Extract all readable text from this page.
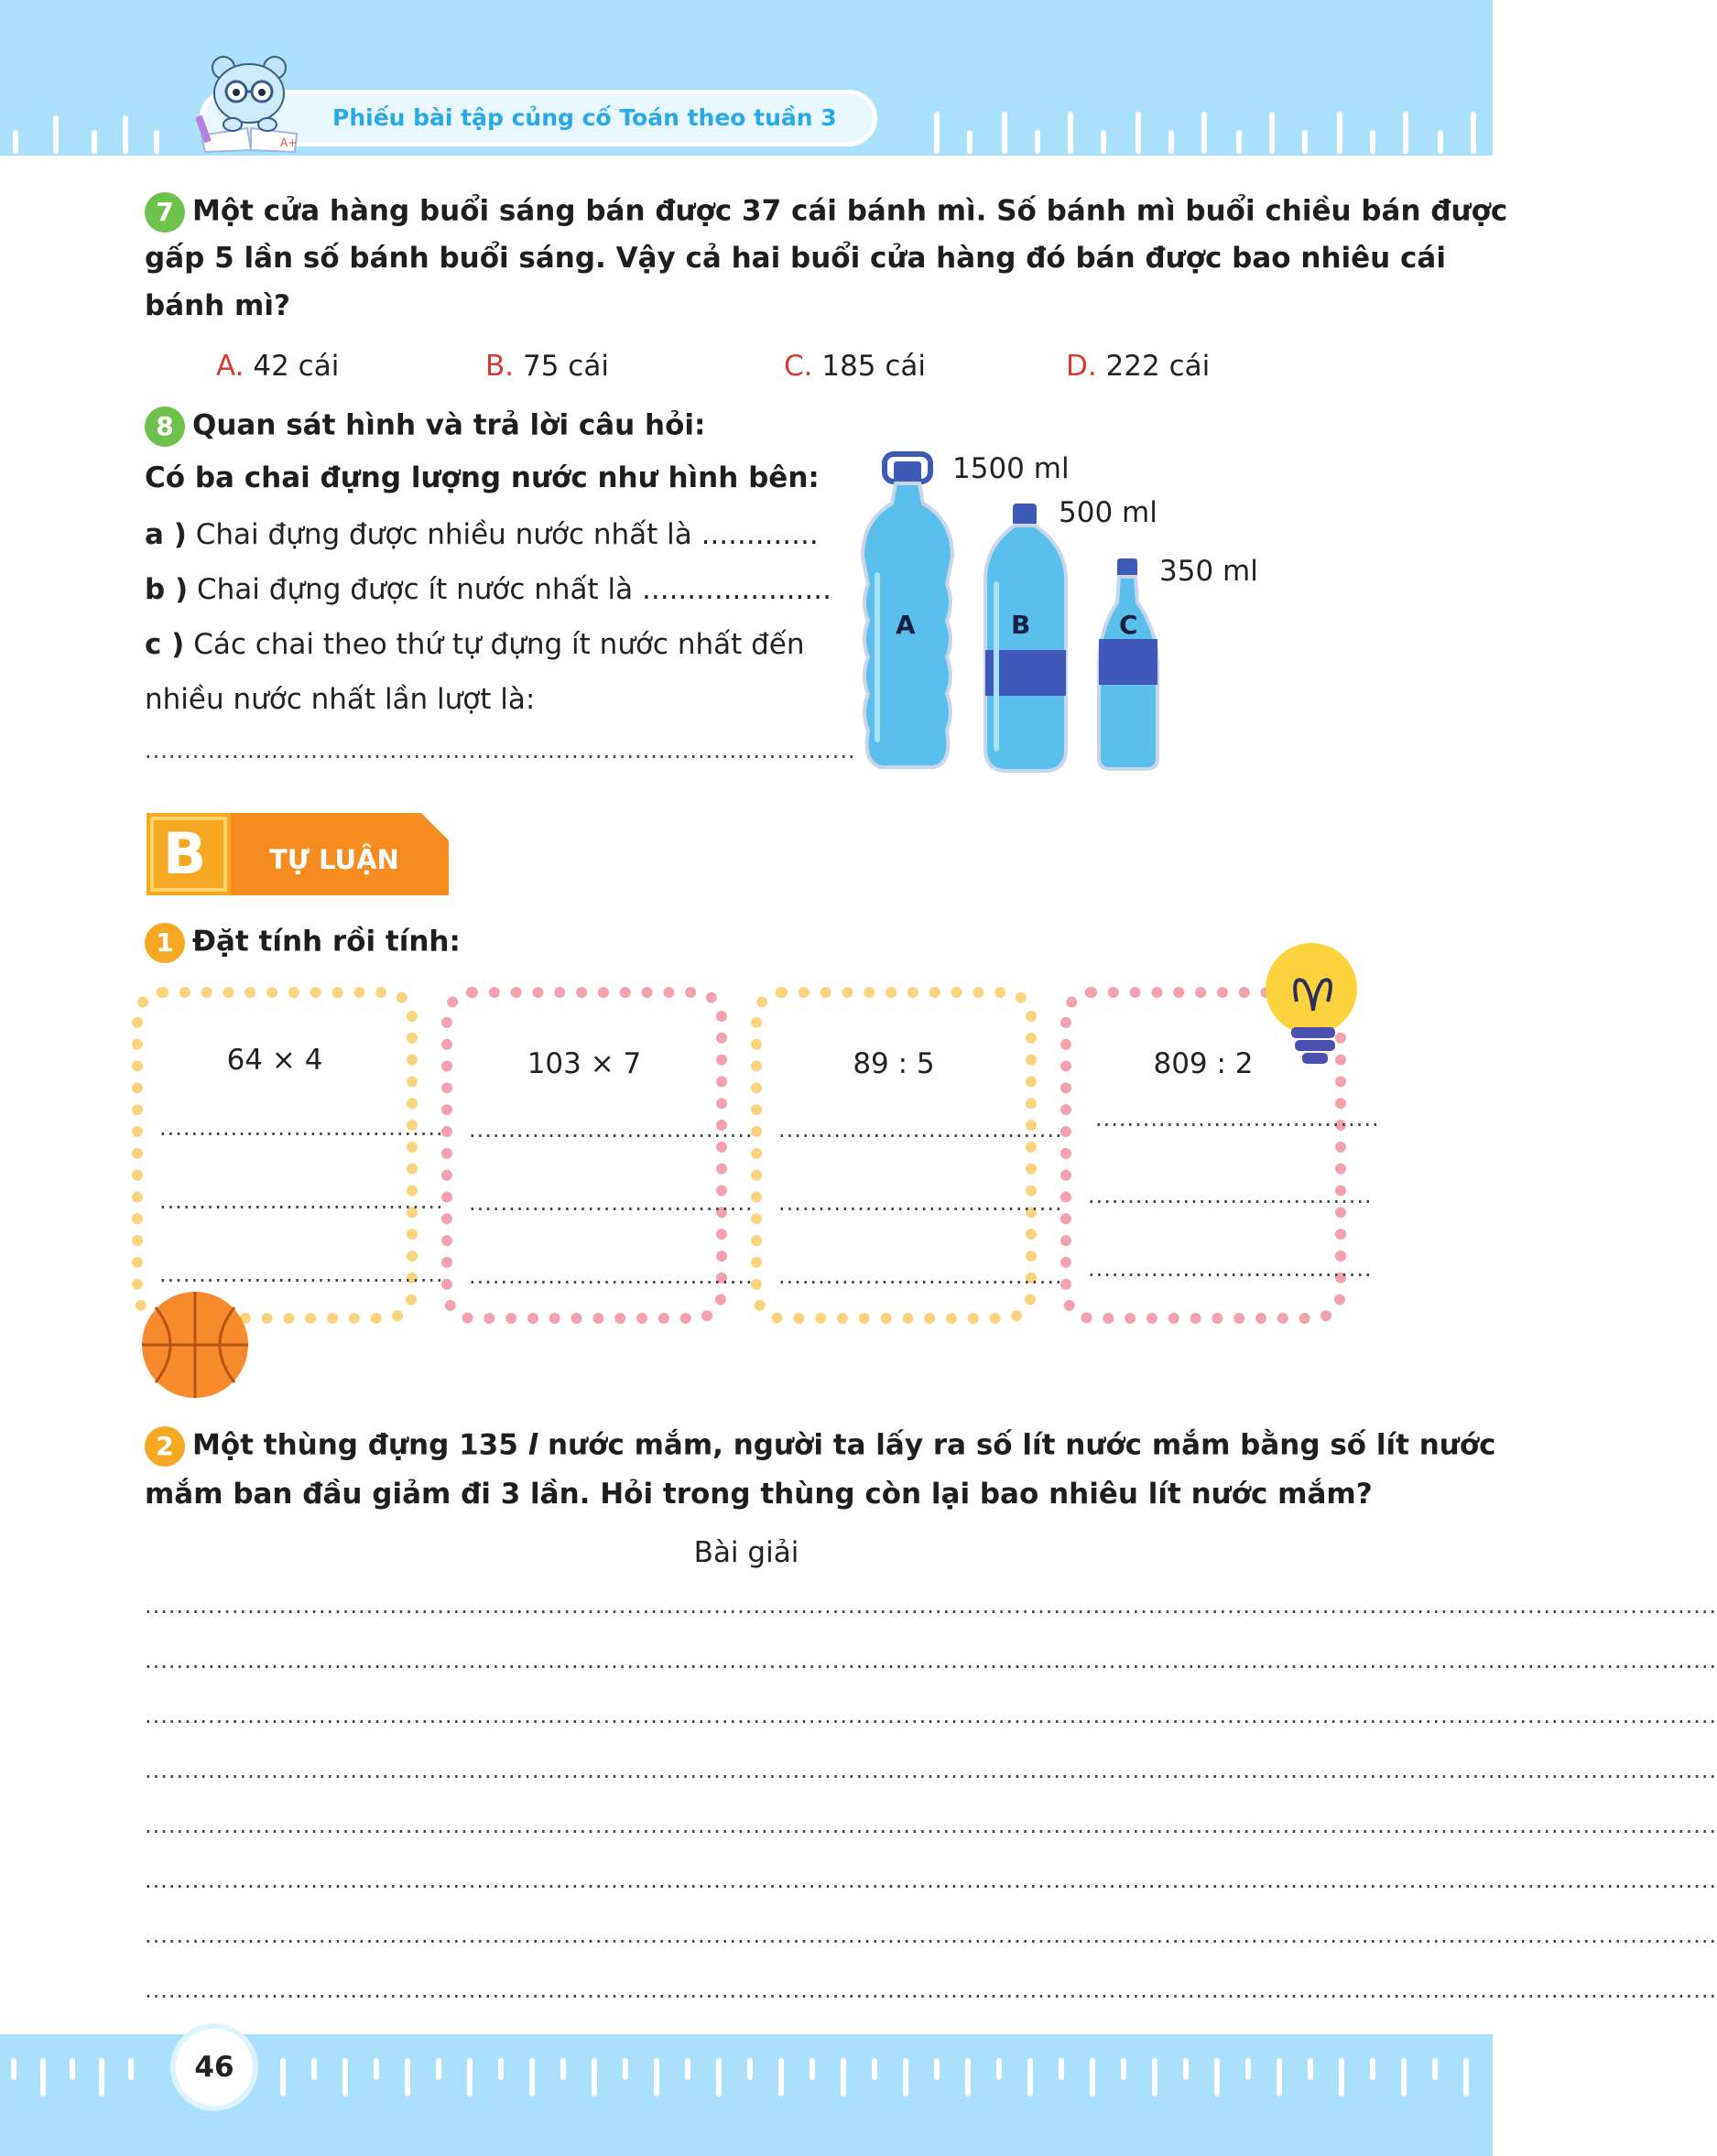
Phiếu bài tập củng cố Toán theo tuần 3
A+
7 Một cửa hàng buổi sáng bán được 37 cái bánh mì. Số bánh mì buổi chiều bán được
gấp 5 lần số bánh buổi sáng. Vậy cả hai buổi cửa hàng đó bán được bao nhiêu cái
bánh mì?
A. 42 cái	B. 75 cái	C. 185 cái	D. 222 cái
8 Quan sát hình và trả lời câu hỏi:
Có ba chai đựng lượng nước như hình bên:
a ) Chai đựng được nhiều nước nhất là .............
b ) Chai đựng được ít nước nhất là .....................
c ) Các chai theo thứ tự đựng ít nước nhất đến
nhiều nước nhất lần lượt là:
..........................................................................................
1500 ml
500 ml
350 ml
A	B	C
B TỰ LUẬN
1 Đặt tính rồi tính:
64 × 4
....................................
....................................
....................................
103 × 7
....................................
....................................
....................................
89 : 5
....................................
....................................
....................................
809 : 2
....................................
....................................
....................................
2 Một thùng đựng 135 l nước mắm, người ta lấy ra số lít nước mắm bằng số lít nước
mắm ban đầu giảm đi 3 lần. Hỏi trong thùng còn lại bao nhiêu lít nước mắm?
Bài giải
.......................................................................................................................................................................................................
.......................................................................................................................................................................................................
.......................................................................................................................................................................................................
.......................................................................................................................................................................................................
.......................................................................................................................................................................................................
.......................................................................................................................................................................................................
.......................................................................................................................................................................................................
.......................................................................................................................................................................................................
46
